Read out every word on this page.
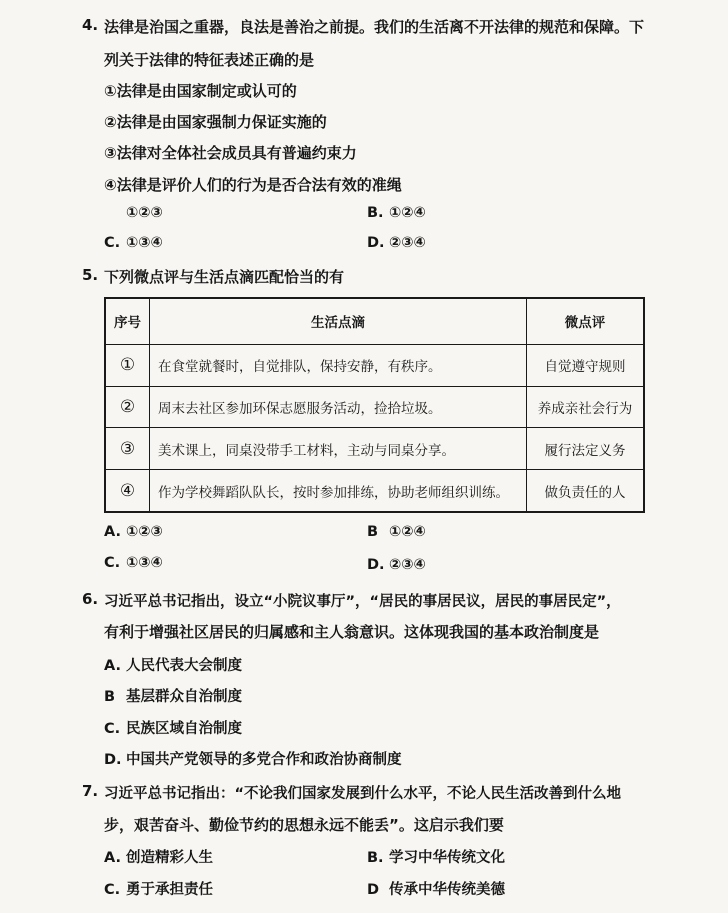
4. 法律是治国之重器，良法是善治之前提。我们的生活离不开法律的规范和保障。下
列关于法律的特征表述正确的是
①法律是由国家制定或认可的
②法律是由国家强制力保证实施的
③法律对全体社会成员具有普遍约束力
④法律是评价人们的行为是否合法有效的准绳
①②③	B. ①②④
C. ①③④	D. ②③④
5. 下列微点评与生活点滴匹配恰当的有
序号	生活点滴	微点评
①	在食堂就餐时，自觉排队，保持安静，有秩序。	自觉遵守规则
②	周末去社区参加环保志愿服务活动，捡拾垃圾。	养成亲社会行为
③	美术课上，同桌没带手工材料，主动与同桌分享。	履行法定义务
④	作为学校舞蹈队队长，按时参加排练，协助老师组织训练。	做负责任的人
A. ①②③	B ①②④
C. ①③④	D. ②③④
6. 习近平总书记指出，设立“小院议事厅”，“居民的事居民议，居民的事居民定”，
有利于增强社区居民的归属感和主人翁意识。这体现我国的基本政治制度是
A. 人民代表大会制度
B 基层群众自治制度
C. 民族区域自治制度
D. 中国共产党领导的多党合作和政治协商制度
7. 习近平总书记指出：“不论我们国家发展到什么水平，不论人民生活改善到什么地
步，艰苦奋斗、勤俭节约的思想永远不能丢”。这启示我们要
A. 创造精彩人生	B. 学习中华传统文化
C. 勇于承担责任	D 传承中华传统美德
